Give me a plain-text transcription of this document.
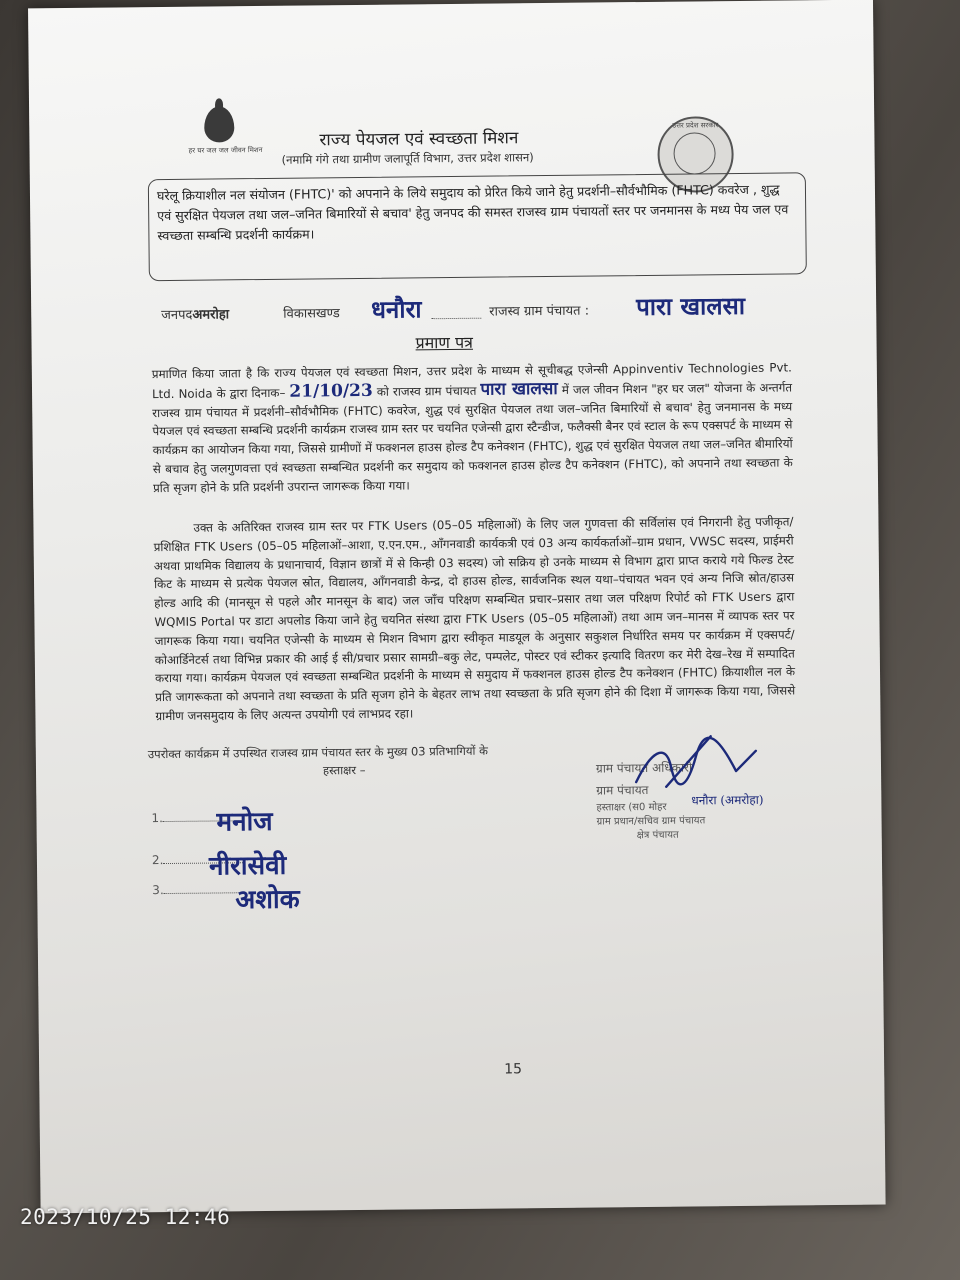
हर घर जल जल जीवन मिशन	राज्य पेयजल एवं स्वच्छता मिशन
(नमामि गंगे तथा ग्रामीण जलापूर्ति विभाग, उत्तर प्रदेश शासन)
उत्तर प्रदेश सरकार
घरेलू क्रियाशील नल संयोजन (FHTC)' को अपनाने के लिये समुदाय को प्रेरित किये जाने हेतु प्रदर्शनी–सौर्वभौमिक (FHTC) कवरेज , शुद्ध एवं सुरक्षित पेयजल तथा जल–जनित बिमारियों से बचाव' हेतु जनपद की समस्त राजस्व ग्राम पंचायतों स्तर पर जनमानस के मध्य पेय जल एव स्वच्छता सम्बन्धि प्रदर्शनी कार्यक्रम।
जनपदअमरोहा	विकासखण्ड धनौरा	राजस्व ग्राम पंचायत : पारा खालसा
प्रमाण पत्र
प्रमाणित किया जाता है कि राज्य पेयजल एवं स्वच्छता मिशन, उत्तर प्रदेश के माध्यम से सूचीबद्ध एजेन्सी Appinventiv Technologies Pvt. Ltd. Noida के द्वारा दिनाक– 21/10/23 को राजस्व ग्राम पंचायत पारा खालसा में जल जीवन मिशन "हर घर जल" योजना के अन्तर्गत राजस्व ग्राम पंचायत में प्रदर्शनी–सौर्वभौमिक (FHTC) कवरेज, शुद्ध एवं सुरक्षित पेयजल तथा जल–जनित बिमारियों से बचाव' हेतु जनमानस के मध्य पेयजल एवं स्वच्छता सम्बन्धि प्रदर्शनी कार्यक्रम राजस्व ग्राम स्तर पर चयनित एजेन्सी द्वारा स्टैन्डीज, फलैक्सी बैनर एवं स्टाल के रूप एक्सपर्ट के माध्यम से कार्यक्रम का आयोजन किया गया, जिससे ग्रामीणों में फक्शनल हाउस होल्ड टैप कनेक्शन (FHTC), शुद्ध एवं सुरक्षित पेयजल तथा जल–जनित बीमारियों से बचाव हेतु जलगुणवत्ता एवं स्वच्छता सम्बन्धित प्रदर्शनी कर समुदाय को फक्शनल हाउस होल्ड टैप कनेक्शन (FHTC), को अपनाने तथा स्वच्छता के प्रति सृजग होने के प्रति प्रदर्शनी उपरान्त जागरूक किया गया।
उक्त के अतिरिक्त राजस्व ग्राम स्तर पर FTK Users (05–05 महिलाओं) के लिए जल गुणवत्ता की सर्विलांस एवं निगरानी हेतु पजीकृत/प्रशिक्षित FTK Users (05–05 महिलाओं–आशा, ए.एन.एम., आँगनवाडी कार्यकत्री एवं 03 अन्य कार्यकर्ताओं–ग्राम प्रधान, VWSC सदस्य, प्राईमरी अथवा प्राथमिक विद्यालय के प्रधानाचार्य, विज्ञान छात्रों में से किन्ही 03 सदस्य) जो सक्रिय हो उनके माध्यम से विभाग द्वारा प्राप्त कराये गये फिल्ड टेस्ट किट के माध्यम से प्रत्येक पेयजल स्रोत, विद्यालय, आँगनवाडी केन्द्र, दो हाउस होल्ड, सार्वजनिक स्थल यथा–पंचायत भवन एवं अन्य निजि स्रोत/हाउस होल्ड आदि की (मानसून से पहले और मानसून के बाद) जल जाँच परिक्षण सम्बन्धित प्रचार–प्रसार तथा जल परिक्षण रिपोर्ट को FTK Users द्वारा WQMIS Portal पर डाटा अपलोड किया जाने हेतु चयनित संस्था द्वारा FTK Users (05–05 महिलाओं) तथा आम जन–मानस में व्यापक स्तर पर जागरूक किया गया। चयनित एजेन्सी के माध्यम से मिशन विभाग द्वारा स्वीकृत माडयूल के अनुसार सकुशल निर्धारित समय पर कार्यक्रम में एक्सपर्ट/कोआर्डिनेटर्स तथा विभिन्न प्रकार की आई ई सी/प्रचार प्रसार सामग्री–बकु लेट, पम्पलेट, पोस्टर एवं स्टीकर इत्यादि वितरण कर मेरी देख–रेख में सम्पादित कराया गया। कार्यक्रम पेयजल एवं स्वच्छता सम्बन्धित प्रदर्शनी के माध्यम से समुदाय में फक्शनल हाउस होल्ड टैप कनेक्शन (FHTC) क्रियाशील नल के प्रति जागरूकता को अपनाने तथा स्वच्छता के प्रति सृजग होने के बेहतर लाभ तथा स्वच्छता के प्रति सृजग होने की दिशा में जागरूक किया गया, जिससे ग्रामीण जनसमुदाय के लिए अत्यन्त उपयोगी एवं लाभप्रद रहा।
उपरोक्त कार्यक्रम में उपस्थित राजस्व ग्राम पंचायत स्तर के मुख्य 03 प्रतिभागियों के
हस्ताक्षर –	ग्राम पंचायत अधिकारी
ग्राम पंचायत
हस्ताक्षर (स0 मोहर
ग्राम प्रधान/सचिव ग्राम पंचायत
क्षेत्र पंचायत
धनौरा (अमरोहा)
1.	मनोज
2.	नीरासेवी
3.	अशोक
15
2023/10/25 12:46
